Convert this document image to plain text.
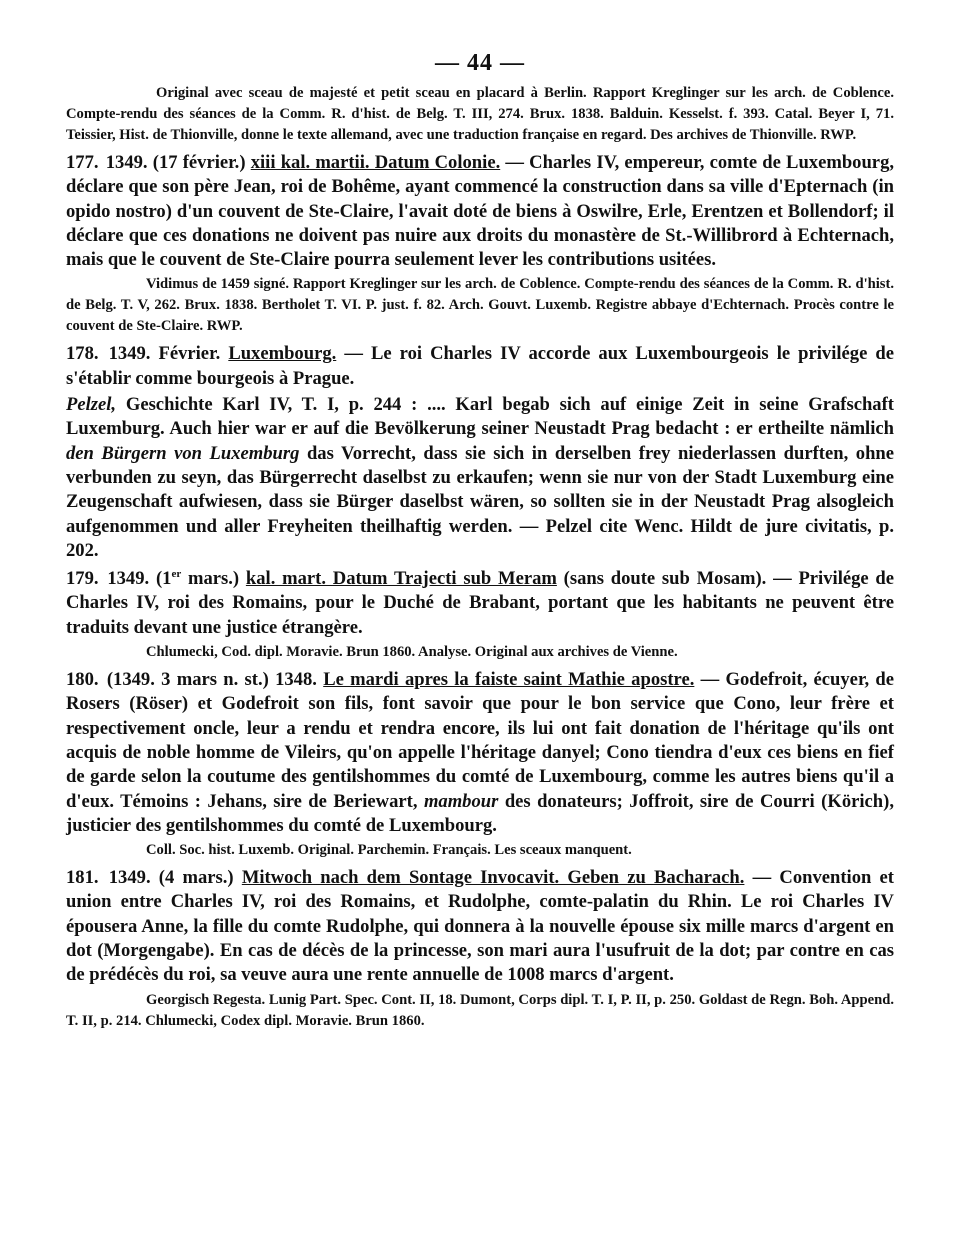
— 44 —

Original avec sceau de majesté et petit sceau en placard à Berlin. Rapport Kreglinger sur les arch. de Coblence. Compte-rendu des séances de la Comm. R. d'hist. de Belg. T. III, 274. Brux. 1838. Balduin. Kesselst. f. 393. Catal. Beyer I, 71. Teissier, Hist. de Thionville, donne le texte allemand, avec une traduction française en regard. Des archives de Thionville. RWP.

177. 1349. (17 février.) xiii kal. martii. Datum Colonie. — Charles IV, empereur, comte de Luxembourg, déclare que son père Jean, roi de Bohême, ayant commencé la construction dans sa ville d'Epternach (in opido nostro) d'un couvent de Ste-Claire, l'avait doté de biens à Oswilre, Erle, Erentzen et Bollendorf; il déclare que ces donations ne doivent pas nuire aux droits du monastère de St.-Willibrord à Echternach, mais que le couvent de Ste-Claire pourra seulement lever les contributions usitées.

Vidimus de 1459 signé. Rapport Kreglinger sur les arch. de Coblence. Compte-rendu des séances de la Comm. R. d'hist. de Belg. T. V, 262. Brux. 1838. Bertholet T. VI. P. just. f. 82. Arch. Gouvt. Luxemb. Registre abbaye d'Echternach. Procès contre le couvent de Ste-Claire. RWP.

178. 1349. Février. Luxembourg. — Le roi Charles IV accorde aux Luxembourgeois le privilége de s'établir comme bourgeois à Prague.

Pelzel, Geschichte Karl IV, T. I, p. 244 : .... Karl begab sich auf einige Zeit in seine Grafschaft Luxemburg. Auch hier war er auf die Bevölkerung seiner Neustadt Prag bedacht : er ertheilte nämlich den Bürgern von Luxemburg das Vorrecht, dass sie sich in derselben frey niederlassen durften, ohne verbunden zu seyn, das Bürgerrecht daselbst zu erkaufen; wenn sie nur von der Stadt Luxemburg eine Zeugenschaft aufwiesen, dass sie Bürger daselbst wären, so sollten sie in der Neustadt Prag alsogleich aufgenommen und aller Freyheiten theilhaftig werden. — Pelzel cite Wenc. Hildt de jure civitatis, p. 202.

179. 1349. (1er mars.) kal. mart. Datum Trajecti sub Meram (sans doute sub Mosam). — Privilége de Charles IV, roi des Romains, pour le Duché de Brabant, portant que les habitants ne peuvent être traduits devant une justice étrangère.

Chlumecki, Cod. dipl. Moravie. Brun 1860. Analyse. Original aux archives de Vienne.

180. (1349. 3 mars n. st.) 1348. Le mardi apres la faiste saint Mathie apostre. — Godefroit, écuyer, de Rosers (Röser) et Godefroit son fils, font savoir que pour le bon service que Cono, leur frère et respectivement oncle, leur a rendu et rendra encore, ils lui ont fait donation de l'héritage qu'ils ont acquis de noble homme de Vileirs, qu'on appelle l'héritage danyel; Cono tiendra d'eux ces biens en fief de garde selon la coutume des gentilshommes du comté de Luxembourg, comme les autres biens qu'il a d'eux. Témoins : Jehans, sire de Beriewart, mambour des donateurs; Joffroit, sire de Courri (Körich), justicier des gentilshommes du comté de Luxembourg.

Coll. Soc. hist. Luxemb. Original. Parchemin. Français. Les sceaux manquent.

181. 1349. (4 mars.) Mitwoch nach dem Sontage Invocavit. Geben zu Bacharach. — Convention et union entre Charles IV, roi des Romains, et Rudolphe, comte-palatin du Rhin. Le roi Charles IV épousera Anne, la fille du comte Rudolphe, qui donnera à la nouvelle épouse six mille marcs d'argent en dot (Morgengabe). En cas de décès de la princesse, son mari aura l'usufruit de la dot; par contre en cas de prédécès du roi, sa veuve aura une rente annuelle de 1008 marcs d'argent.

Georgisch Regesta. Lunig Part. Spec. Cont. II, 18. Dumont, Corps dipl. T. I, P. II, p. 250. Goldast de Regn. Boh. Append. T. II, p. 214. Chlumecki, Codex dipl. Moravie. Brun 1860.
